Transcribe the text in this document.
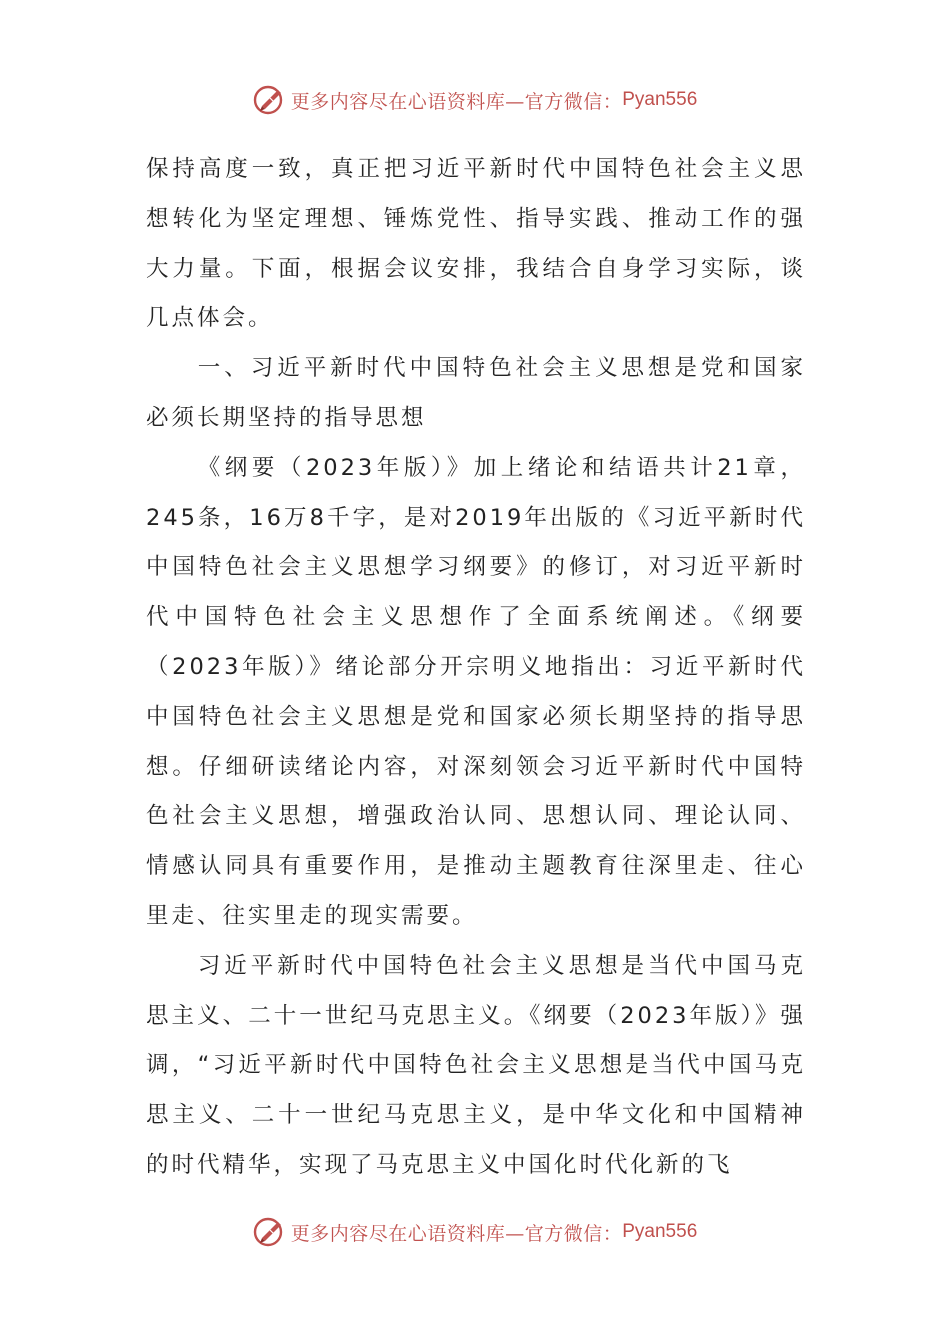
更多内容尽在心语资料库—官方微信： Pyan556

保持高度一致，真正把习近平新时代中国特色社会主义思想转化为坚定理想、锤炼党性、指导实践、推动工作的强大力量。下面，根据会议安排，我结合自身学习实际，谈几点体会。

一、习近平新时代中国特色社会主义思想是党和国家必须长期坚持的指导思想

《纲要（2023年版）》加上绪论和结语共计21章，245条，16万8千字，是对2019年出版的《习近平新时代中国特色社会主义思想学习纲要》的修订，对习近平新时代中国特色社会主义思想作了全面系统阐述。《纲要（2023年版）》绪论部分开宗明义地指出：习近平新时代中国特色社会主义思想是党和国家必须长期坚持的指导思想。仔细研读绪论内容，对深刻领会习近平新时代中国特色社会主义思想，增强政治认同、思想认同、理论认同、情感认同具有重要作用，是推动主题教育往深里走、往心里走、往实里走的现实需要。

习近平新时代中国特色社会主义思想是当代中国马克思主义、二十一世纪马克思主义。《纲要（2023年版）》强调，“习近平新时代中国特色社会主义思想是当代中国马克思主义、二十一世纪马克思主义，是中华文化和中国精神的时代精华，实现了马克思主义中国化时代化新的飞

更多内容尽在心语资料库—官方微信： Pyan556
